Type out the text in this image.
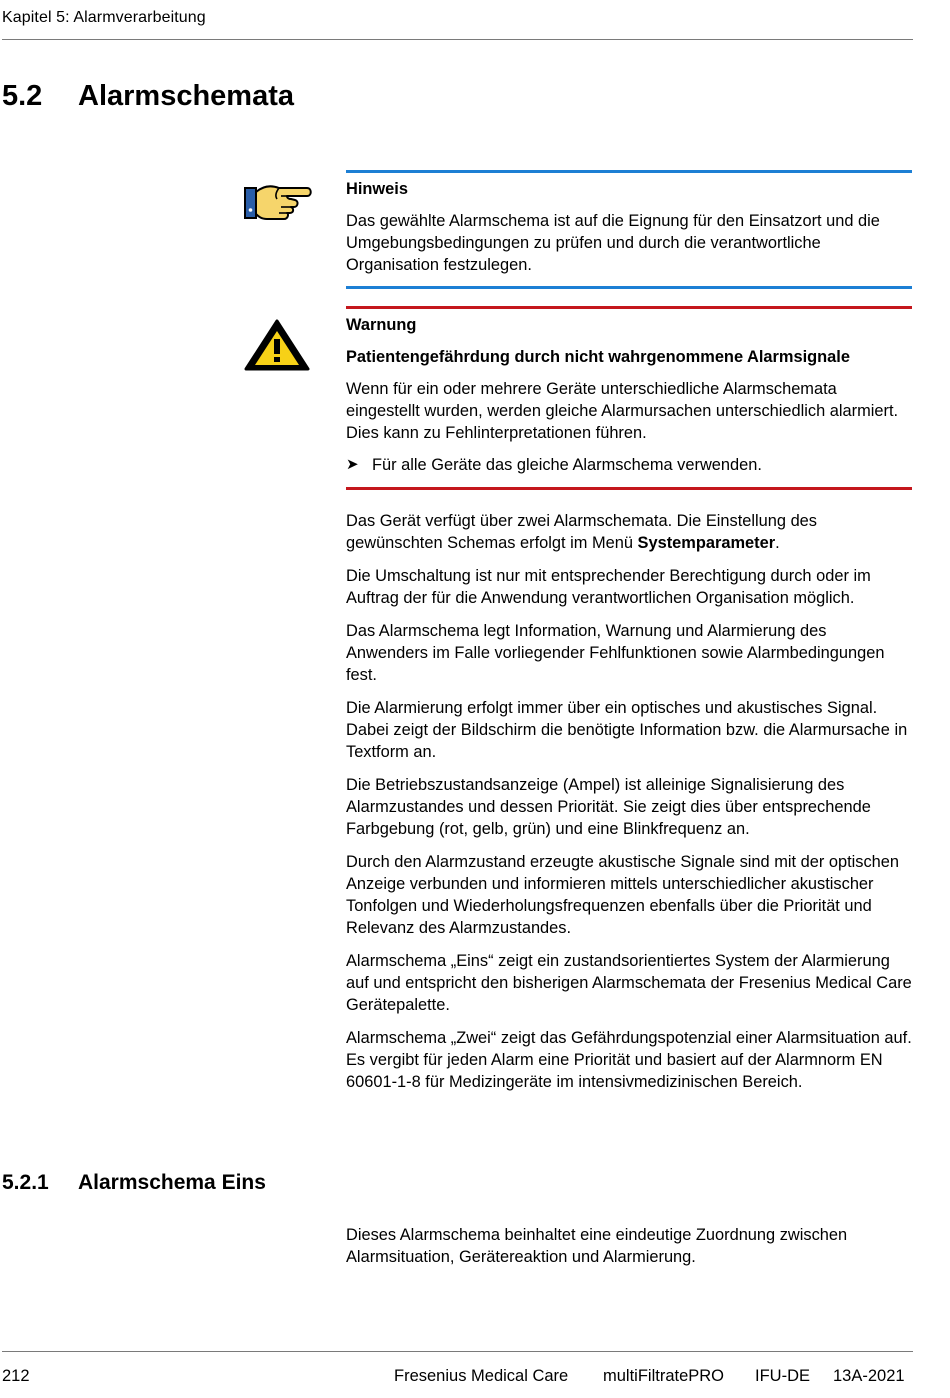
Kapitel 5: Alarmverarbeitung
5.2 Alarmschemata

Hinweis

Das gewählte Alarmschema ist auf die Eignung für den Einsatzort und die Umgebungsbedingungen zu prüfen und durch die verantwortliche Organisation festzulegen.

Warnung

Patientengefährdung durch nicht wahrgenommene Alarmsignale

Wenn für ein oder mehrere Geräte unterschiedliche Alarmschemata eingestellt wurden, werden gleiche Alarmursachen unterschiedlich alarmiert. Dies kann zu Fehlinterpretationen führen.

➤ Für alle Geräte das gleiche Alarmschema verwenden.

Das Gerät verfügt über zwei Alarmschemata. Die Einstellung des gewünschten Schemas erfolgt im Menü Systemparameter.

Die Umschaltung ist nur mit entsprechender Berechtigung durch oder im Auftrag der für die Anwendung verantwortlichen Organisation möglich.

Das Alarmschema legt Information, Warnung und Alarmierung des Anwenders im Falle vorliegender Fehlfunktionen sowie Alarmbedingungen fest.

Die Alarmierung erfolgt immer über ein optisches und akustisches Signal. Dabei zeigt der Bildschirm die benötigte Information bzw. die Alarmursache in Textform an.

Die Betriebszustandsanzeige (Ampel) ist alleinige Signalisierung des Alarmzustandes und dessen Priorität. Sie zeigt dies über entsprechende Farbgebung (rot, gelb, grün) und eine Blinkfrequenz an.

Durch den Alarmzustand erzeugte akustische Signale sind mit der optischen Anzeige verbunden und informieren mittels unterschiedlicher akustischer Tonfolgen und Wiederholungsfrequenzen ebenfalls über die Priorität und Relevanz des Alarmzustandes.

Alarmschema „Eins“ zeigt ein zustandsorientiertes System der Alarmierung auf und entspricht den bisherigen Alarmschemata der Fresenius Medical Care Gerätepalette.

Alarmschema „Zwei“ zeigt das Gefährdungspotenzial einer Alarmsituation auf. Es vergibt für jeden Alarm eine Priorität und basiert auf der Alarmnorm EN 60601-1-8 für Medizingeräte im intensivmedizinischen Bereich.

5.2.1 Alarmschema Eins

Dieses Alarmschema beinhaltet eine eindeutige Zuordnung zwischen Alarmsituation, Gerätereaktion und Alarmierung.

212	Fresenius Medical Care multiFiltratePRO IFU-DE 13A-2021
